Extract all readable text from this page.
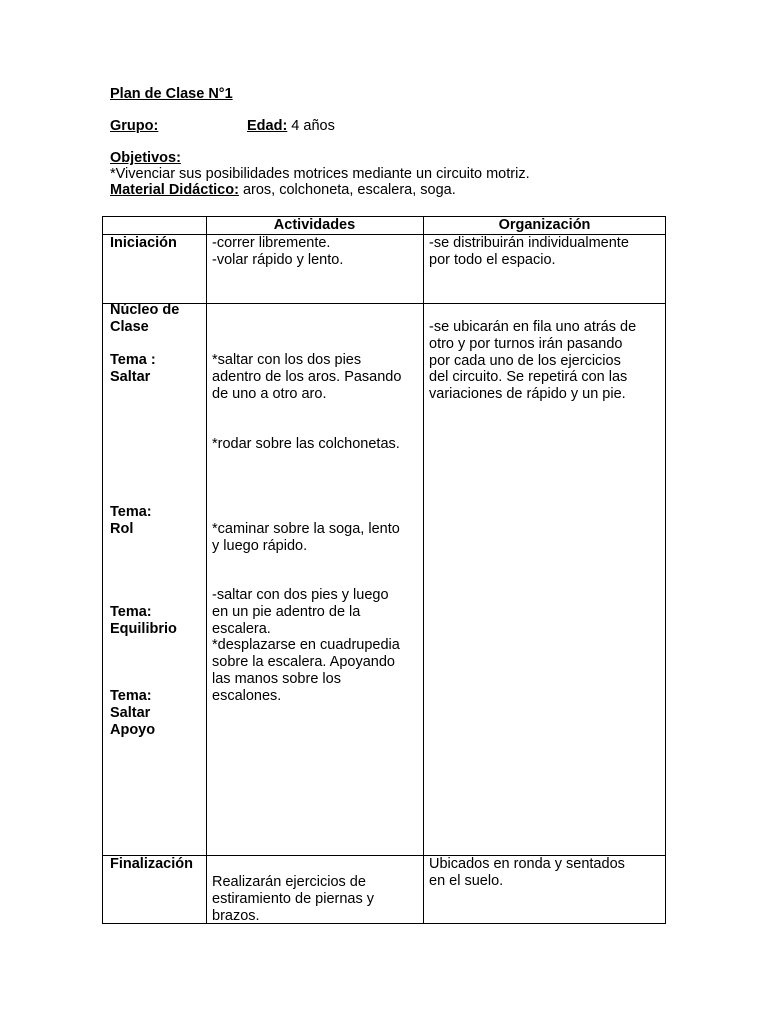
Plan de Clase N°1
Grupo:	Edad: 4 años
Objetivos:
*Vivenciar sus posibilidades motrices mediante un circuito motriz.
Material Didáctico: aros, colchoneta, escalera, soga.
Actividades	Organización
Iniciación -correr libremente.
-volar rápido y lento.
-se distribuirán individualmente
por todo el espacio.
Núcleo de
Clase
Tema :
Saltar
Tema:
Rol
Tema:
Equilibrio
Tema:
Saltar
Apoyo
*saltar con los dos pies
adentro de los aros. Pasando
de uno a otro aro.
*rodar sobre las colchonetas.
*caminar sobre la soga, lento
y luego rápido.
-saltar con dos pies y luego
en un pie adentro de la
escalera.
*desplazarse en cuadrupedia
sobre la escalera. Apoyando
las manos sobre los
escalones.
-se ubicarán en fila uno atrás de
otro y por turnos irán pasando
por cada uno de los ejercicios
del circuito. Se repetirá con las
variaciones de rápido y un pie.
Finalización
Realizarán ejercicios de
estiramiento de piernas y
brazos.
Ubicados en ronda y sentados
en el suelo.
